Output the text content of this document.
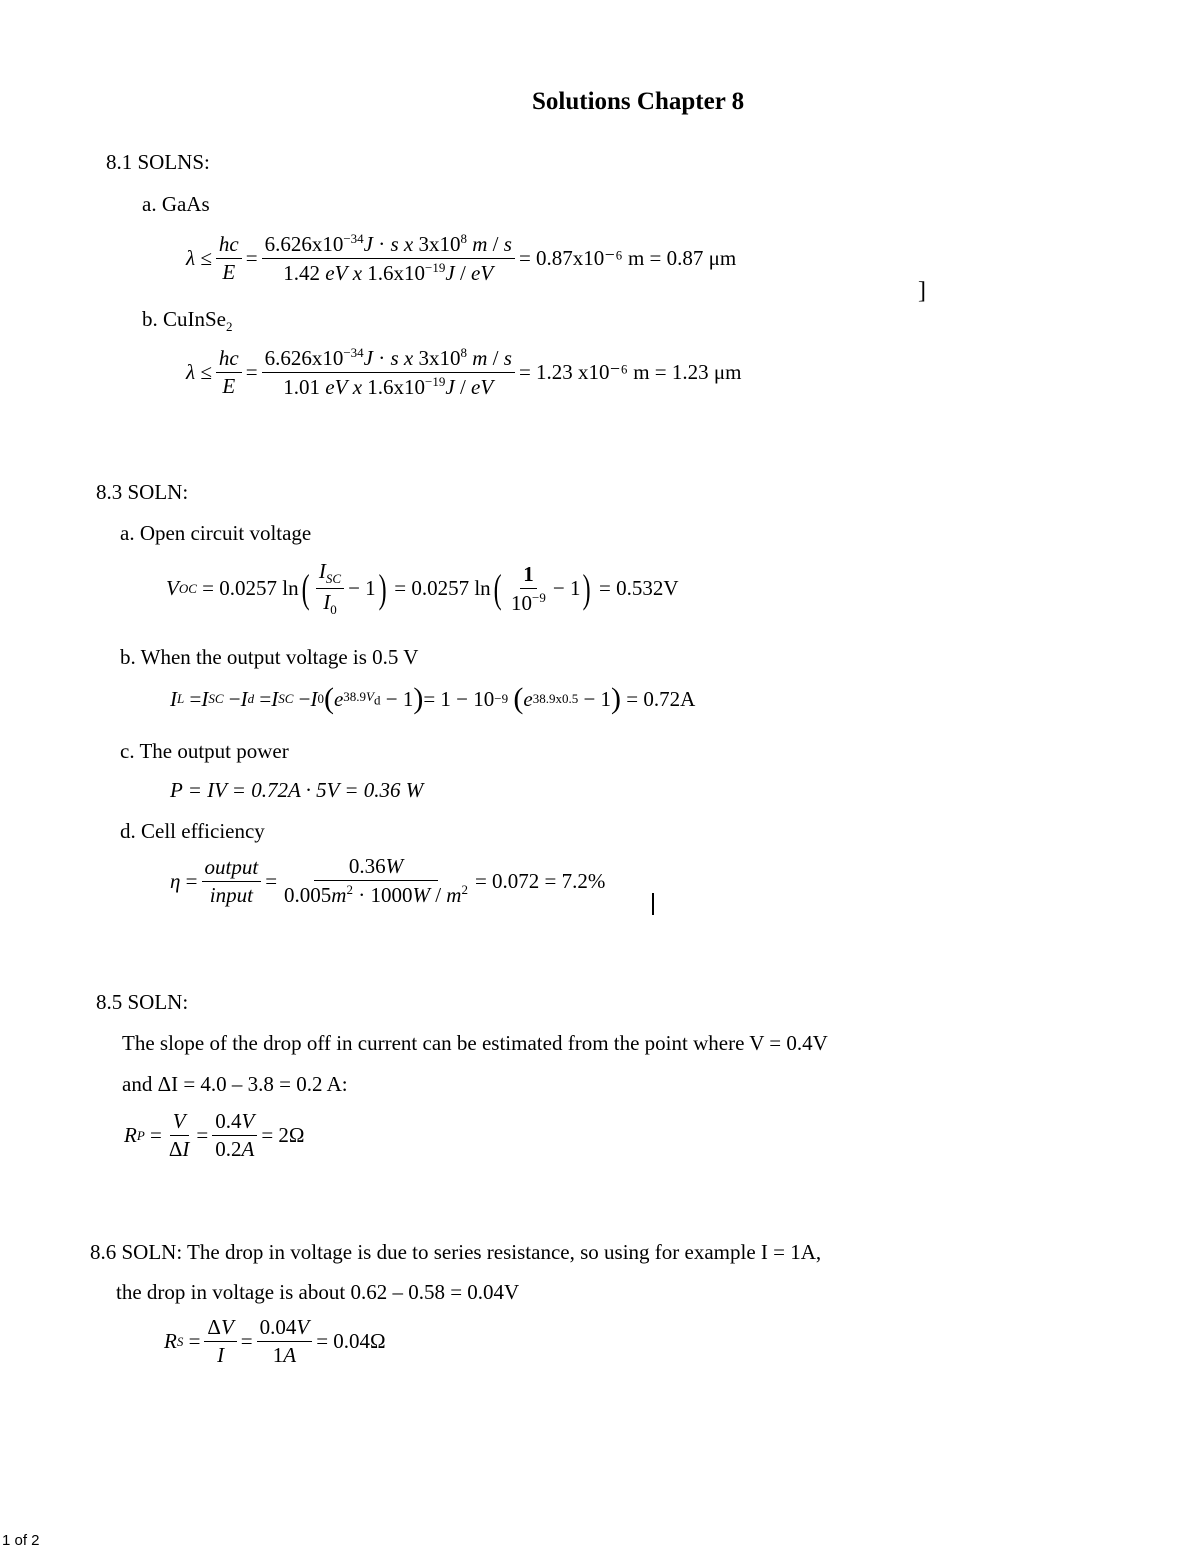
Solutions Chapter 8
8.1 SOLNS:
a. GaAs
$\lambda \le \frac{hc}{E} = \frac{6.626x10^{-34}J \cdot s x 3x10^8 m / s}{1.42 eV x 1.6x10^{-19}J / eV} = 0.87x10^{-6}$ m = 0.87 μm
b. CuInSe$_2$
$\lambda \le \frac{hc}{E} = \frac{6.626x10^{-34}J \cdot s x 3x10^8 m / s}{1.01 eV x 1.6x10^{-19}J / eV} = 1.23$ x10⁻⁶ m = 1.23 μm
]
8.3 SOLN:
a. Open circuit voltage
V OC = 0.0257 ln ( $\frac{I_{SC}}{I_0} - 1$ ) = 0.0257 ln ( $\frac{1}{10^{-9}} - 1$ )
= 0.532V
b. When the output voltage is 0.5 V
I L = I SC − I d = I SC − I 0 ( e $38.9V_d - 1$ ) = 1 − 10 −9
( e 38.9x0.5 − 1 )
= 0.72A
c. The output power
P = IV = 0.72A · 5V = 0.36 W
d. Cell efficiency
$\eta = \frac{\text{output}}{\text{input}} = \frac{0.36W}{0.005m^2 \cdot 1000W / m^2} = 0.072 = 7.2\%$
8.5 SOLN:
The slope of the drop off in current can be estimated from the point where V = 0.4V
and ΔI = 4.0 – 3.8 = 0.2 A:
R $P = \frac{V}{\Delta I} = \frac{0.4V}{0.2A} = 2\Omega$
8.6 SOLN: The drop in voltage is due to series resistance, so using for example I = 1A,
the drop in voltage is about 0.62 – 0.58 = 0.04V
R $S = \frac{\Delta V}{I} = \frac{0.04V}{1A} = 0.04\Omega$
1 of 2
